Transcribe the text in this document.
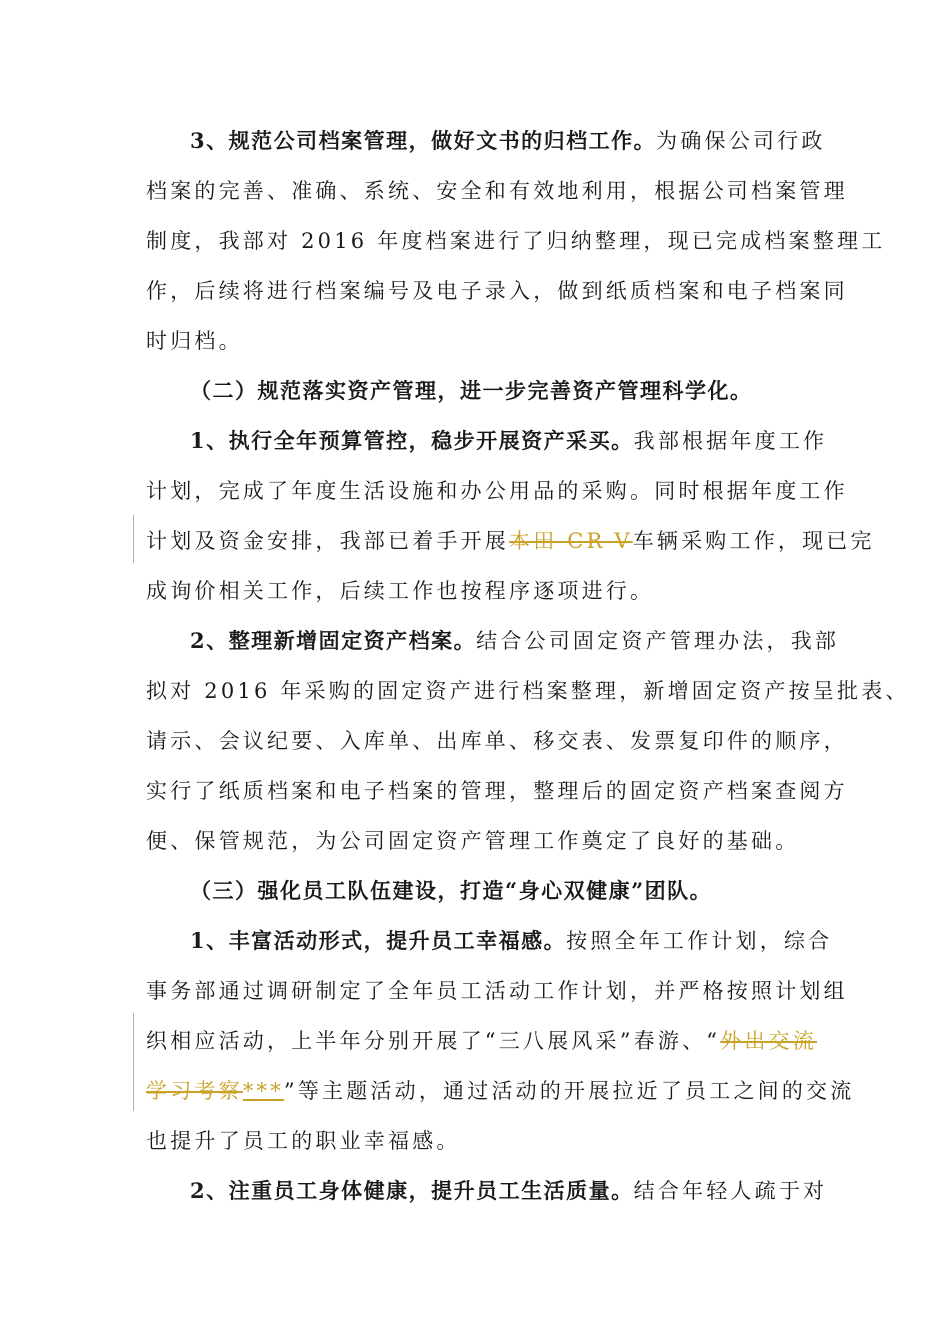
3、规范公司档案管理，做好文书的归档工作。为确保公司行政
档案的完善、准确、系统、安全和有效地利用，根据公司档案管理
制度，我部对 2016 年度档案进行了归纳整理，现已完成档案整理工
作，后续将进行档案编号及电子录入，做到纸质档案和电子档案同
时归档。
（二）规范落实资产管理，进一步完善资产管理科学化。
1、执行全年预算管控，稳步开展资产采买。我部根据年度工作
计划，完成了年度生活设施和办公用品的采购。同时根据年度工作
计划及资金安排，我部已着手开展本田 CR-V车辆采购工作，现已完
成询价相关工作，后续工作也按程序逐项进行。
2、整理新增固定资产档案。结合公司固定资产管理办法，我部
拟对 2016 年采购的固定资产进行档案整理，新增固定资产按呈批表、
请示、会议纪要、入库单、出库单、移交表、发票复印件的顺序，
实行了纸质档案和电子档案的管理，整理后的固定资产档案查阅方
便、保管规范，为公司固定资产管理工作奠定了良好的基础。
（三）强化员工队伍建设，打造“身心双健康”团队。
1、丰富活动形式，提升员工幸福感。按照全年工作计划，综合
事务部通过调研制定了全年员工活动工作计划，并严格按照计划组
织相应活动，上半年分别开展了“三八展风采”春游、“外出交流
学习考察***”等主题活动，通过活动的开展拉近了员工之间的交流
也提升了员工的职业幸福感。
2、注重员工身体健康，提升员工生活质量。结合年轻人疏于对
